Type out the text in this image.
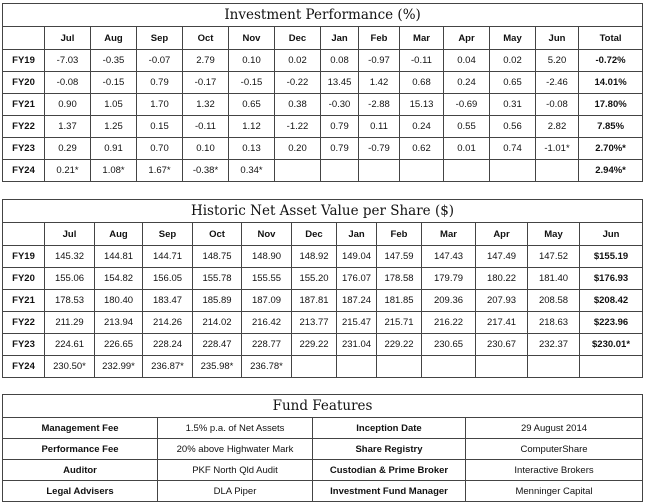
Investment Performance (%)													
	Jul	Aug	Sep	Oct	Nov	Dec	Jan	Feb	Mar	Apr	May	Jun	Total
FY19	-7.03	-0.35	-0.07	2.79	0.10	0.02	0.08	-0.97	-0.11	0.04	0.02	5.20	-0.72%
FY20	-0.08	-0.15	0.79	-0.17	-0.15	-0.22	13.45	1.42	0.68	0.24	0.65	-2.46	14.01%
FY21	0.90	1.05	1.70	1.32	0.65	0.38	-0.30	-2.88	15.13	-0.69	0.31	-0.08	17.80%
FY22	1.37	1.25	0.15	-0.11	1.12	-1.22	0.79	0.11	0.24	0.55	0.56	2.82	7.85%
FY23	0.29	0.91	0.70	0.10	0.13	0.20	0.79	-0.79	0.62	0.01	0.74	-1.01*	2.70%*
FY24	0.21*	1.08*	1.67*	-0.38*	0.34*								2.94%*
Historic Net Asset Value per Share ($)												
	Jul	Aug	Sep	Oct	Nov	Dec	Jan	Feb	Mar	Apr	May	Jun
FY19	145.32	144.81	144.71	148.75	148.90	148.92	149.04	147.59	147.43	147.49	147.52	$155.19
FY20	155.06	154.82	156.05	155.78	155.55	155.20	176.07	178.58	179.79	180.22	181.40	$176.93
FY21	178.53	180.40	183.47	185.89	187.09	187.81	187.24	181.85	209.36	207.93	208.58	$208.42
FY22	211.29	213.94	214.26	214.02	216.42	213.77	215.47	215.71	216.22	217.41	218.63	$223.96
FY23	224.61	226.65	228.24	228.47	228.77	229.22	231.04	229.22	230.65	230.67	232.37	$230.01*
FY24	230.50*	232.99*	236.87*	235.98*	236.78*							
Fund Features			
Management Fee	1.5% p.a. of Net Assets	Inception Date	29 August 2014
Performance Fee	20% above Highwater Mark	Share Registry	ComputerShare
Auditor	PKF North Qld Audit	Custodian & Prime Broker	Interactive Brokers
Legal Advisers	DLA Piper	Investment Fund Manager	Menninger Capital
